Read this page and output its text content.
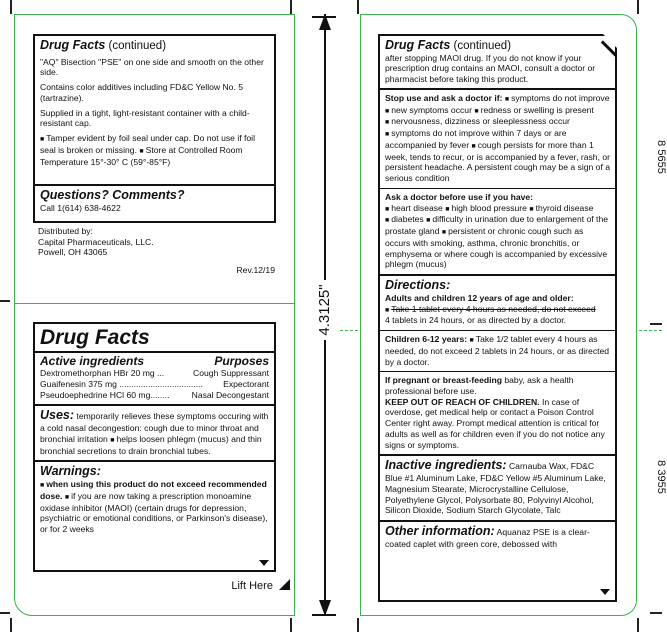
4.3125"
8 5655
8 3955
Drug Facts (continued)
"AQ" Bisection "PSE" on one side and smooth on the other side.
Contains color additives including FD&C Yellow No. 5 (tartrazine).
Supplied in a tight, light-resistant container with a child-resistant cap.
■ Tamper evident by foil seal under cap. Do not use if foil seal is broken or missing. ■ Store at Controlled Room Temperature 15°-30° C (59°-85°F)
Questions? Comments?
Call 1(614) 638-4622
Distributed by:
Capital Pharmaceuticals, LLC.
Powell, OH 43065
Rev.12/19
Drug Facts
Active ingredients	Purposes
Dextromethorphan HBr 20 mg ...	Cough Suppressant
Guaifenesin 375 mg ................................... Expectorant
Pseudoephedrine HCl 60 mg........	Nasal Decongestant
Uses: temporarily relieves these symptoms occuring with a cold nasal decongestion: cough due to minor throat and bronchial irritation ■ helps loosen phlegm (mucus) and thin bronchial secretions to drain bronchial tubes.
Warnings:
■ when using this product do not exceed recommended dose. ■ if you are now taking a prescription monoamine oxidase inhibitor (MAOI) (certain drugs for depression, psychiatric or emotional conditions, or Parkinson's disease), or for 2 weeks
Lift Here
Drug Facts (continued)
after stopping MAOI drug. If you do not know if your prescription drug contains an MAOI, consult a doctor or pharmacist before taking this product.
Stop use and ask a doctor if: ■ symptoms do not improve ■ new symptoms occur ■ redness or swelling is present ■ nervousness, dizziness or sleeplessness occur ■ symptoms do not improve within 7 days or are accompanied by fever ■ cough persists for more than 1 week, tends to recur, or is accompanied by a fever, rash, or persistent headache. A persistent cough may be a sign of a serious condition
Ask a doctor before use if you have:
■ heart disease ■ high blood pressure ■ thyroid disease ■ diabetes ■ difficulty in urination due to enlargement of the prostate gland ■ persistent or chronic cough such as occurs with smoking, asthma, chronic bronchitis, or emphysema or where cough is accompanied by excessive phlegm (mucus)
Directions:
Adults and children 12 years of age and older:
■ Take 1 tablet every 4 hours as needed, do not exceed
4 tablets in 24 hours, or as directed by a doctor.
Children 6-12 years: ■ Take 1/2 tablet every 4 hours as needed, do not exceed 2 tablets in 24 hours, or as directed by a doctor.
If pregnant or breast-feeding baby, ask a health professional before use.
KEEP OUT OF REACH OF CHILDREN. In case of overdose, get medical help or contact a Poison Control Center right away. Prompt medical attention is critical for adults as well as for children even if you do not notice any signs or symptoms.
Inactive ingredients: Carnauba Wax, FD&C Blue #1 Aluminum Lake, FD&C Yellow #5 Aluminum Lake, Magnesium Stearate, Microcrystalline Cellulose, Polyethylene Glycol, Polysorbate 80, Polyvinyl Alcohol, Silicon Dioxide, Sodium Starch Glycolate, Talc
Other information: Aquanaz PSE is a clear-coated caplet with green core, debossed with
